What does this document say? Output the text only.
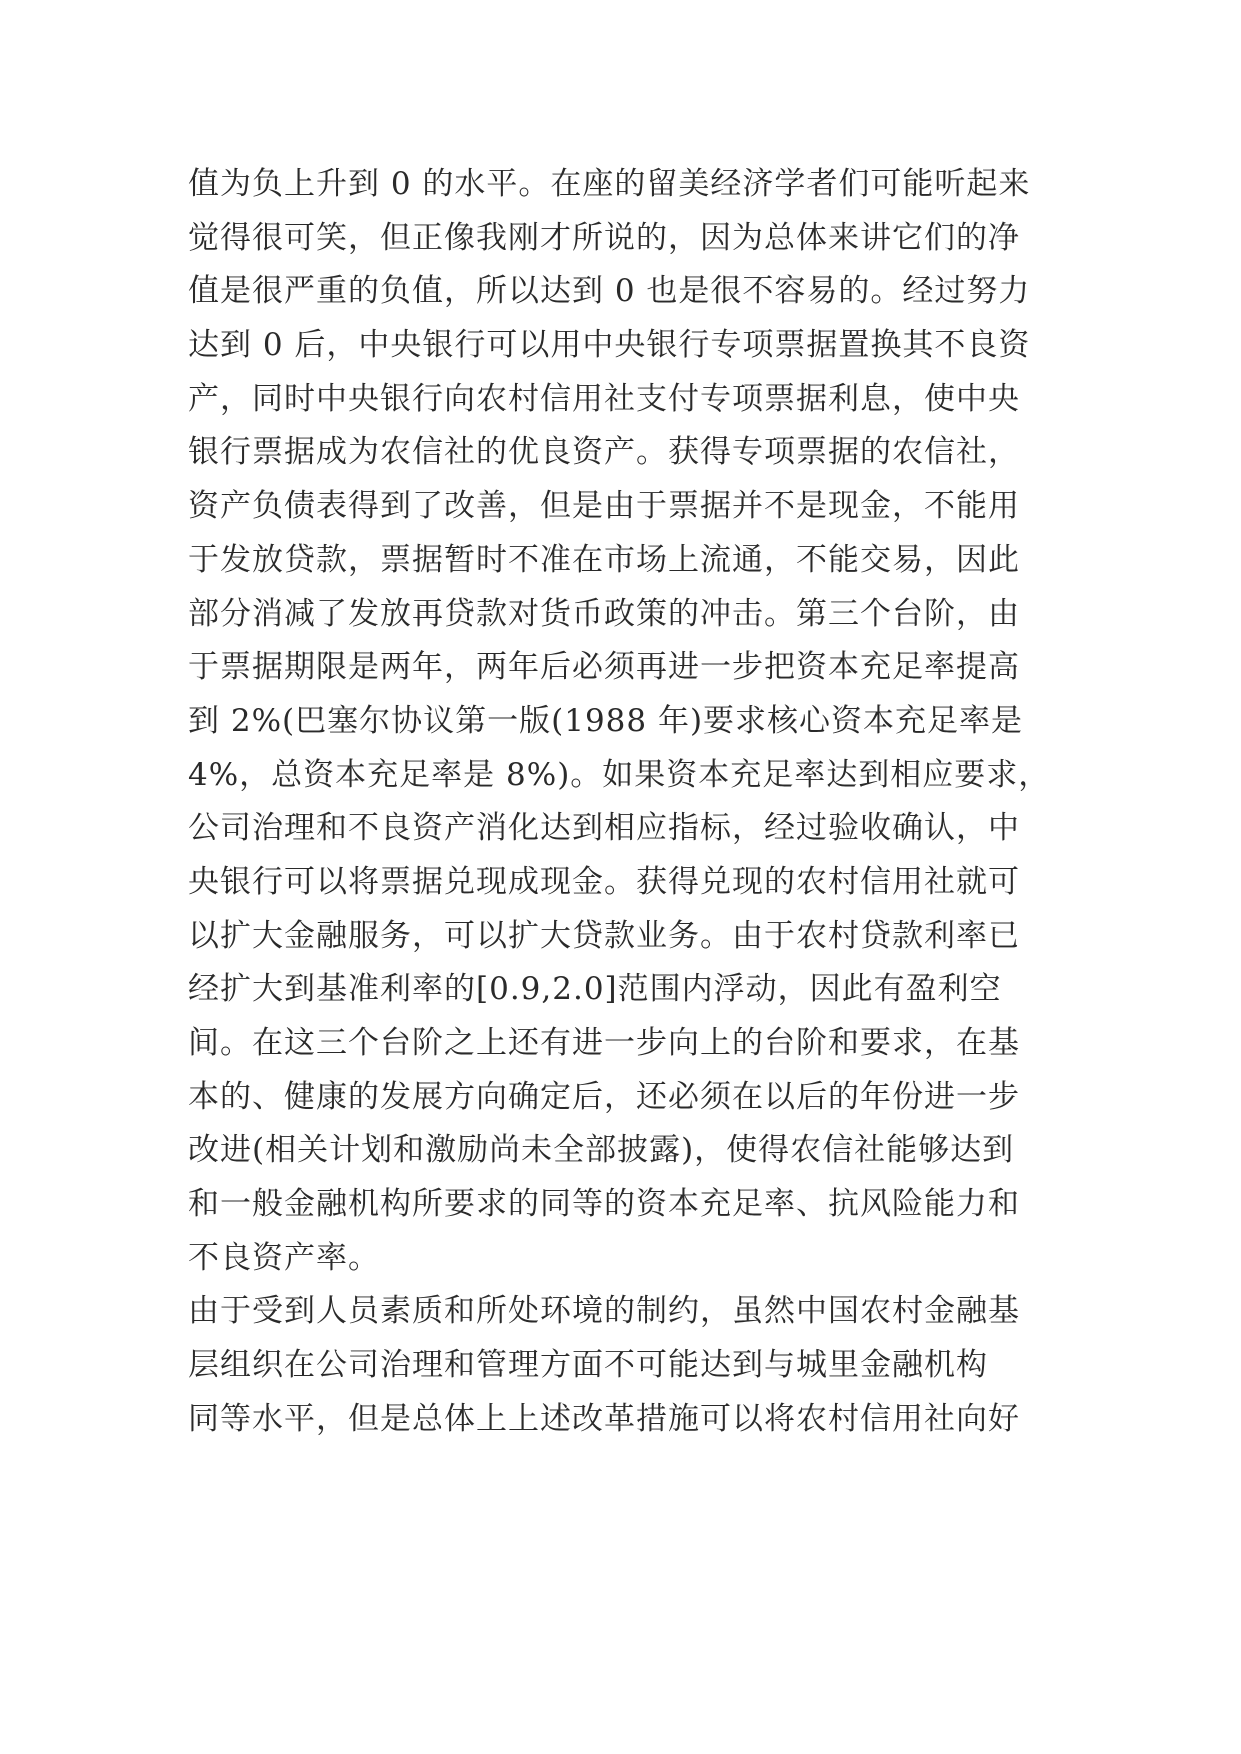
值为负上升到 0 的水平。在座的留美经济学者们可能听起来
觉得很可笑，但正像我刚才所说的，因为总体来讲它们的净
值是很严重的负值，所以达到 0 也是很不容易的。经过努力
达到 0 后，中央银行可以用中央银行专项票据置换其不良资
产，同时中央银行向农村信用社支付专项票据利息，使中央
银行票据成为农信社的优良资产。获得专项票据的农信社，
资产负债表得到了改善，但是由于票据并不是现金，不能用
于发放贷款，票据暂时不准在市场上流通，不能交易，因此
部分消减了发放再贷款对货币政策的冲击。第三个台阶，由
于票据期限是两年，两年后必须再进一步把资本充足率提高
到 2%(巴塞尔协议第一版(1988 年)要求核心资本充足率是
4%，总资本充足率是 8%)。如果资本充足率达到相应要求，
公司治理和不良资产消化达到相应指标，经过验收确认，中
央银行可以将票据兑现成现金。获得兑现的农村信用社就可
以扩大金融服务，可以扩大贷款业务。由于农村贷款利率已
经扩大到基准利率的[0.9,2.0]范围内浮动，因此有盈利空
间。在这三个台阶之上还有进一步向上的台阶和要求，在基
本的、健康的发展方向确定后，还必须在以后的年份进一步
改进(相关计划和激励尚未全部披露)，使得农信社能够达到
和一般金融机构所要求的同等的资本充足率、抗风险能力和
不良资产率。
由于受到人员素质和所处环境的制约，虽然中国农村金融基
层组织在公司治理和管理方面不可能达到与城里金融机构
同等水平，但是总体上上述改革措施可以将农村信用社向好
